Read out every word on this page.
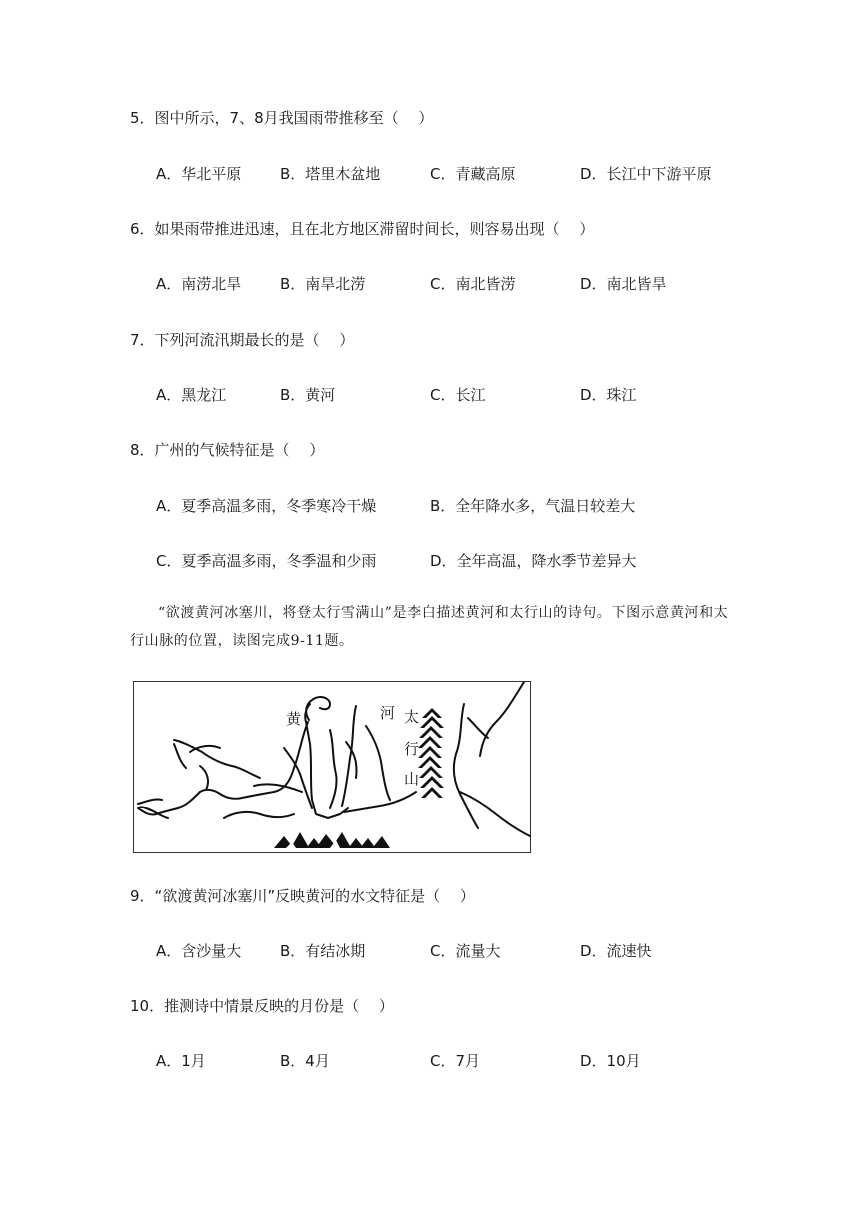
5．图中所示，7、8月我国雨带推移至（　 ）
A．华北平原	B．塔里木盆地	C．青藏高原	D．长江中下游平原
6．如果雨带推进迅速，且在北方地区滞留时间长，则容易出现（　 ）
A．南涝北旱	B．南旱北涝	C．南北皆涝	D．南北皆旱
7．下列河流汛期最长的是（　 ）
A．黑龙江	B．黄河	C．长江	D．珠江
8．广州的气候特征是（　 ）
A．夏季高温多雨，冬季寒冷干燥	B．全年降水多，气温日较差大
C．夏季高温多雨，冬季温和少雨	D．全年高温，降水季节差异大
“欲渡黄河冰塞川，将登太行雪满山”是李白描述黄河和太行山的诗句。下图示意黄河和太行山脉的位置，读图完成9-11题。
黄	河 太
行
山
9．“欲渡黄河冰塞川”反映黄河的水文特征是（　 ）
A．含沙量大	B．有结冰期	C．流量大	D．流速快
10．推测诗中情景反映的月份是（　 ）
A．1月	B．4月	C．7月	D．10月
